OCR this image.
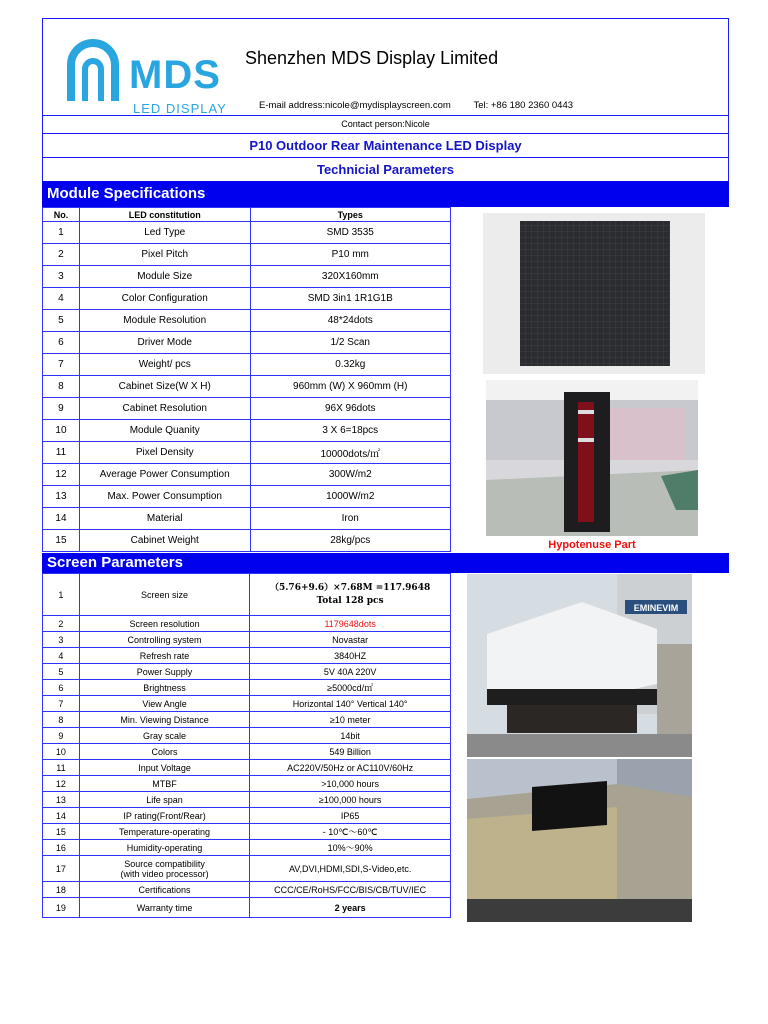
MDS
LED DISPLAY
Shenzhen MDS Display Limited
E-mail address:nicole@mydisplayscreen.com Tel: +86 180 2360 0443
Contact person:Nicole
P10 Outdoor Rear Maintenance LED Display
Technicial Parameters
Module Specifications
No.	LED constitution	Types
1	Led Type	SMD 3535
2	Pixel Pitch	P10 mm
3	Module Size	320X160mm
4	Color Configuration	SMD 3in1 1R1G1B
5	Module Resolution	48*24dots
6	Driver Mode	1/2 Scan
7	Weight/ pcs	0.32kg
8	Cabinet Size(W X H)	960mm (W) X 960mm (H)
9	Cabinet Resolution	96X 96dots
10	Module Quanity	3 X 6=18pcs
11	Pixel Density	10000dots/㎡
12	Average Power Consumption	300W/m2
13	Max. Power Consumption	1000W/m2
14	Material	Iron
15	Cabinet Weight	28kg/pcs	Hypotenuse Part
Screen Parameters
1	Screen size	（5.76+9.6）×7.68M =117.9648
Total 128 pcs

2	Screen resolution	1179648dots
3	Controlling system	Novastar
4	Refresh rate	3840HZ
5	Power Supply	5V 40A 220V
6	Brightness	≥5000cd/㎡
7	View Angle	Horizontal 140° Vertical 140°
8	Min. Viewing Distance	≥10 meter
9	Gray scale	14bit
10	Colors	549 Billion
11	Input Voltage	AC220V/50Hz or AC110V/60Hz
12	MTBF	>10,000 hours
13	Life span	≥100,000 hours
14	IP rating(Front/Rear)	IP65
15	Temperature-operating	- 10℃～60℃
16	Humidity-operating	10%～90%
17	Source compatibility
(with video processor)	AV,DVI,HDMI,SDI,S-Video,etc.
18	Certifications	CCC/CE/RoHS/FCC/BIS/CB/TUV/IEC
19	Warranty time	2 years
EMINEVIM
